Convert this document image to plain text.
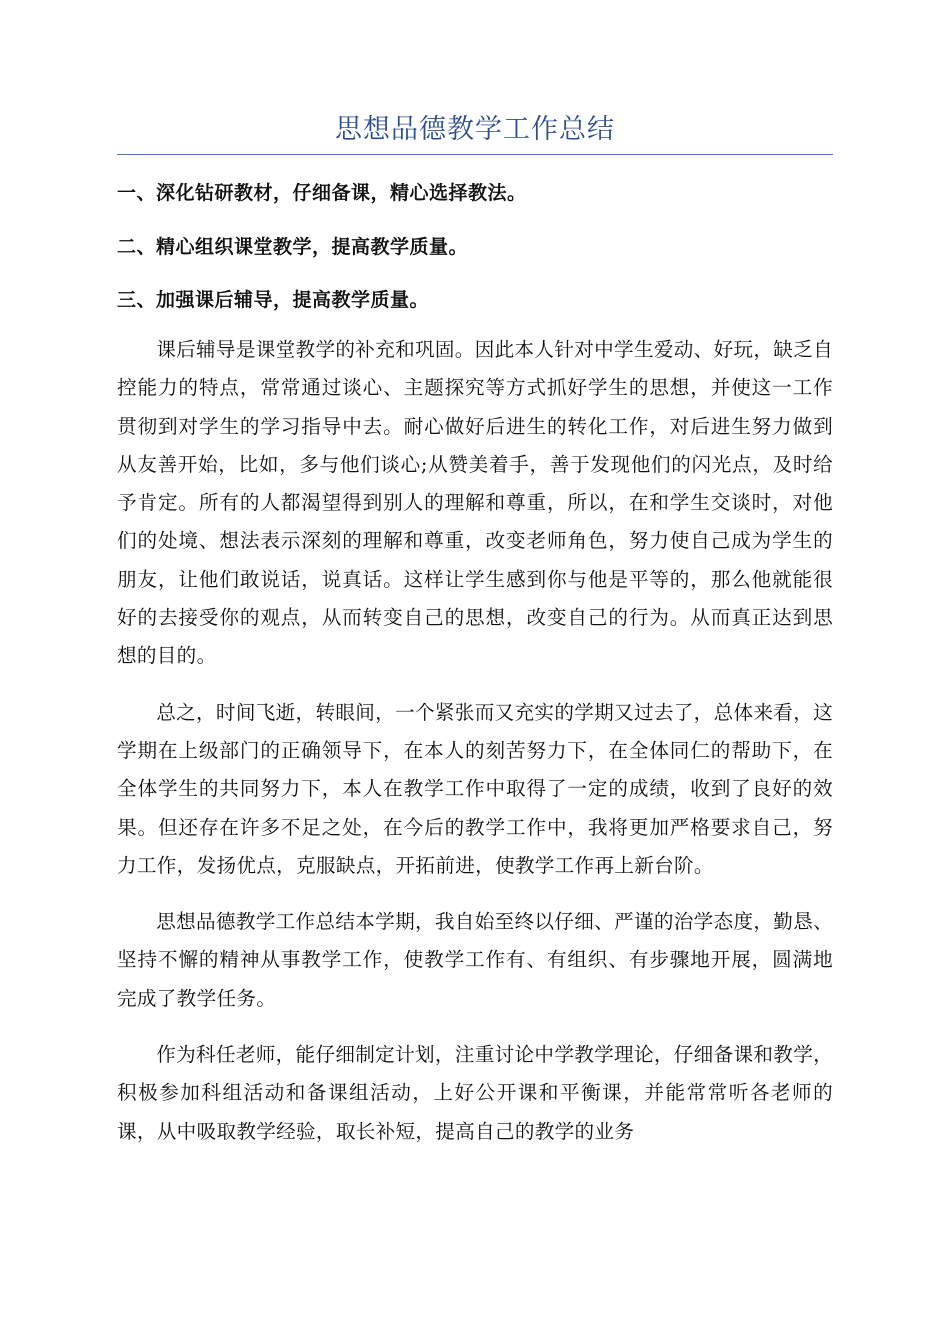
思想品德教学工作总结

一、深化钻研教材，仔细备课，精心选择教法。

二、精心组织课堂教学，提高教学质量。

三、加强课后辅导，提高教学质量。

课后辅导是课堂教学的补充和巩固。因此本人针对中学生爱动、好玩，缺乏自控能力的特点，常常通过谈心、主题探究等方式抓好学生的思想，并使这一工作贯彻到对学生的学习指导中去。耐心做好后进生的转化工作，对后进生努力做到从友善开始，比如，多与他们谈心;从赞美着手，善于发现他们的闪光点，及时给予肯定。所有的人都渴望得到别人的理解和尊重，所以，在和学生交谈时，对他们的处境、想法表示深刻的理解和尊重，改变老师角色，努力使自己成为学生的朋友，让他们敢说话，说真话。这样让学生感到你与他是平等的，那么他就能很好的去接受你的观点，从而转变自己的思想，改变自己的行为。从而真正达到思想的目的。

总之，时间飞逝，转眼间，一个紧张而又充实的学期又过去了，总体来看，这学期在上级部门的正确领导下，在本人的刻苦努力下，在全体同仁的帮助下，在全体学生的共同努力下，本人在教学工作中取得了一定的成绩，收到了良好的效果。但还存在许多不足之处，在今后的教学工作中，我将更加严格要求自己，努力工作，发扬优点，克服缺点，开拓前进，使教学工作再上新台阶。

思想品德教学工作总结本学期，我自始至终以仔细、严谨的治学态度，勤恳、坚持不懈的精神从事教学工作，使教学工作有、有组织、有步骤地开展，圆满地完成了教学任务。

作为科任老师，能仔细制定计划，注重讨论中学教学理论，仔细备课和教学，积极参加科组活动和备课组活动，上好公开课和平衡课，并能常常听各老师的课，从中吸取教学经验，取长补短，提高自己的教学的业务
